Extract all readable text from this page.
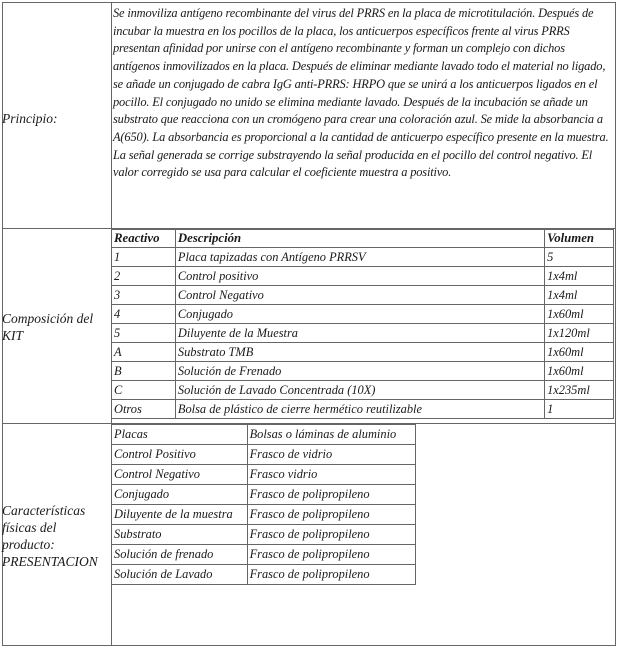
Principio:
Se inmoviliza antígeno recombinante del virus del PRRS en la placa de microtitulación. Después de incubar la muestra en los pocillos de la placa, los anticuerpos específicos frente al virus PRRS presentan afinidad por unirse con el antígeno recombinante y forman un complejo con dichos antígenos inmovilizados en la placa. Después de eliminar mediante lavado todo el material no ligado, se añade un conjugado de cabra IgG anti-PRRS: HRPO que se unirá a los anticuerpos ligados en el pocillo. El conjugado no unido se elimina mediante lavado. Después de la incubación se añade un substrato que reacciona con un cromógeno para crear una coloración azul. Se mide la absorbancia a A(650). La absorbancia es proporcional a la cantidad de anticuerpo específico presente en la muestra. La señal generada se corrige substrayendo la señal producida en el pocillo del control negativo. El valor corregido se usa para calcular el coeficiente muestra a positivo.
Composición del KIT
Reactivo	Descripción	Volumen
1	Placa tapizadas con Antígeno PRRSV	5
2	Control positivo	1x4ml
3	Control Negativo	1x4ml
4	Conjugado	1x60ml
5	Diluyente de la Muestra	1x120ml
A	Substrato TMB	1x60ml
B	Solución de Frenado	1x60ml
C	Solución de Lavado Concentrada (10X)	1x235ml
Otros	Bolsa de plástico de cierre hermético reutilizable	1
Características físicas del producto: PRESENTACION
Placas	Bolsas o láminas de aluminio
Control Positivo	Frasco de vidrio
Control Negativo	Frasco vidrio
Conjugado	Frasco de polipropileno
Diluyente de la muestra	Frasco de polipropileno
Substrato	Frasco de polipropileno
Solución de frenado	Frasco de polipropileno
Solución de Lavado	Frasco de polipropileno
